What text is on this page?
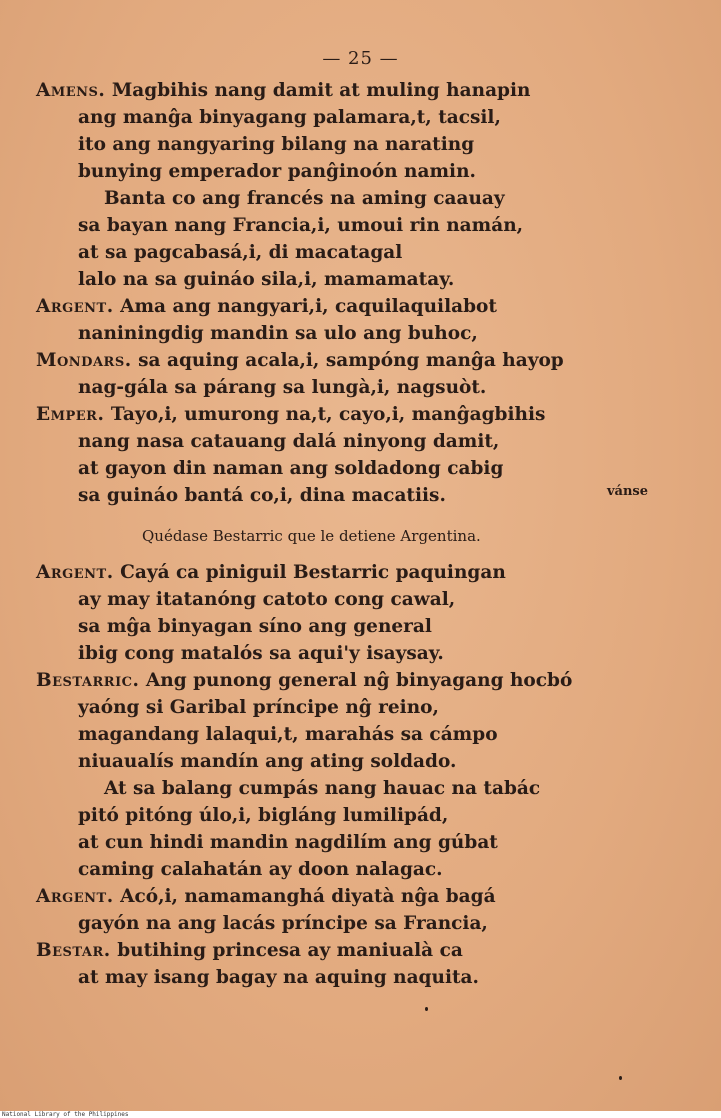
— 25 —
Amens. Magbihis nang damit at muling hanapin
ang manĝa binyagang palamara,t, tacsil,
ito ang nangyaring bilang na narating
bunying emperador panĝinoón namin.
Banta co ang francés na aming caauay
sa bayan nang Francia,i, umoui rin namán,
at sa pagcabasá,i, di macatagal
lalo na sa guináo sila,i, mamamatay.
Argent. Ama ang nangyari,i, caquilaquilabot
naniningdig mandin sa ulo ang buhoc,
Mondars. sa aquing acala,i, sampóng manĝa hayop
nag-gála sa párang sa lungà,i, nagsuòt.
Emper. Tayo,i, umurong na,t, cayo,i, manĝagbihis
nang nasa catauang dalá ninyong damit,
at gayon din naman ang soldadong cabig
sa guináo bantá co,i, dina macatiis.
Argent. Cayá ca piniguil Bestarric paquingan
ay may itatanóng catoto cong cawal,
sa mĝa binyagan síno ang general
ibig cong matalós sa aqui'y isaysay.
Bestarric. Ang punong general nĝ binyagang hocbó
yaóng si Garibal príncipe nĝ reino,
magandang lalaqui,t, marahás sa cámpo
niuaualís mandín ang ating soldado.
At sa balang cumpás nang hauac na tabác
pitó pitóng úlo,i, bigláng lumilipád,
at cun hindi mandin nagdilím ang gúbat
caming calahatán ay doon nalagac.
Argent. Acó,i, namamanghá diyatà nĝa bagá
gayón na ang lacás príncipe sa Francia,
Bestar. butihing princesa ay maniualà ca
at may isang bagay na aquing naquita.
vánse
Quédase Bestarric que le detiene Argentina.
National Library of the Philippines
